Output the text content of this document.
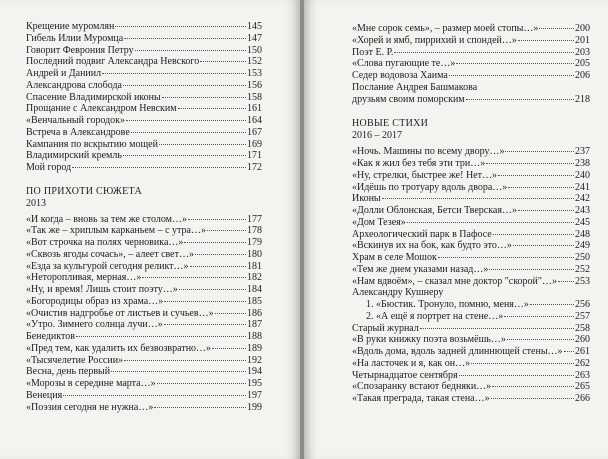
Крещение муромлян	145
Гибель Илии Муромца	147
Говорит Феврония Петру	150
Последний подвиг Александра Невского	152
Андрей и Даниил	153
Александрова слобода	156
Спасение Владимирской иконы	158
Прощание с Александром Невским	161
«Венчальный городок»	164
Встреча в Александрове	167
Кампания по вскрытию мощей	169
Владимирский кремль	171
Мой город	172
ПО ПРИХОТИ СЮЖЕТА
2013
«И когда – вновь за тем же столом…»	177
«Так же – хриплым карканьем – с утра…»	178
«Вот строчка на полях черновика…»	179
«Сквозь ягоды сочась», – алеет свет…»	180
«Езда за кульгурой сегодня реликт…»	181
«Неторопливая, мерная…»	182
«Ну, и время! Лишь стоит поэту…»	184
«Богородицы образ из храма…»	185
«Очистив надгробье от листьев и сучьев…»	186
«Утро. Зимнего солнца лучи…»	187
Бенедиктов	188
«Пред тем, как удалить их безвозвратно…»	189
«Тысячелетие России»	192
Весна, день первый	194
«Морозы в середине марта…»	195
Венеция	197
«Поэзия сегодня не нужна…»	199
«Мне сорок семь», – размер моей стопы…»	200
«Хорей и ямб, пиррихий и спондей…»	201
Поэт Е. Р.	203
«Слова пугающие те…»	205
Седер водовоза Хаима	206
Послание Андрея Башмакова
друзьям своим поморским	218
НОВЫЕ СТИХИ
2016 – 2017
«Ночь. Машины по всему двору…»	237
«Как я жил без тебя эти три…»	238
«Ну, стрелки, быстрее же! Нет…»	240
«Идёшь по тротуару вдоль двора…»	241
Иконы	242
«Долли Облонская, Бетси Тверская…»	243
«Дом Тезея»	245
Археологический парк в Пафосе	248
«Вскинув их на бок, как будто это…»	249
Храм в селе Мошок	250
«Тем же днем указами назад…»	252
«Нам вдвоём», – сказал мне доктор "скорой"…» 253
Александру Кушнеру
1. «Бюстик. Тронуло, помню, меня…»	256
2. «А ещё я портрет на стене…»	257
Старый журнал	258
«В руки книжку поэта возьмёшь…»	260
«Вдоль дома, вдоль задней длиннющей стены…» 261
«На ласточек и я, как он…»	262
Четырнадцатое сентября	263
«Спозаранку встают бедняки…»	265
«Такая преграда, такая стена…»	266
